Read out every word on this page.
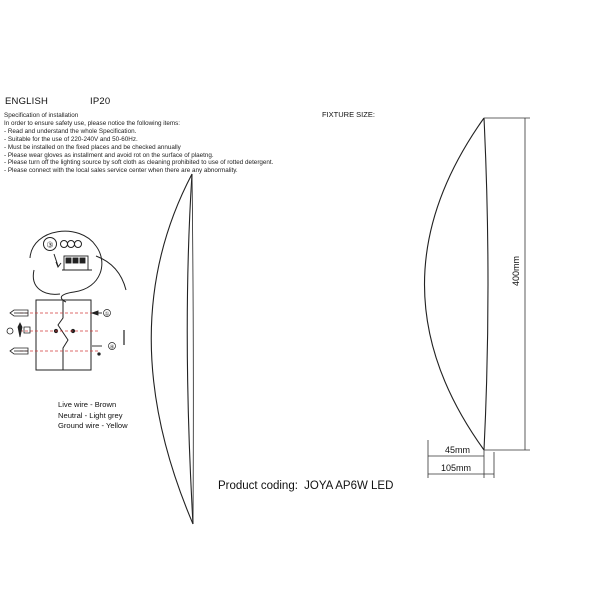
ENGLISH	IP20
FIXTURE SIZE:
Specification of installation
In order to ensure safety use, please notice the following items:
- Read and understand the whole Specification.
- Suitable for the use of 220-240V and 50-60Hz.
- Must be installed on the fixed places and be checked annually
- Please wear gloves as installment and avoid rot on the surface of plaetng.
- Please turn off the lighting source by soft cloth as cleaning prohibited to use of rotted detergent.
- Please connect with the local sales service center when there are any abnormality.
③
①
④
Live wire - Brown
Neutral - Light grey
Ground wire - Yellow
Product coding: JOYA AP6W LED
400mm
45mm
105mm
